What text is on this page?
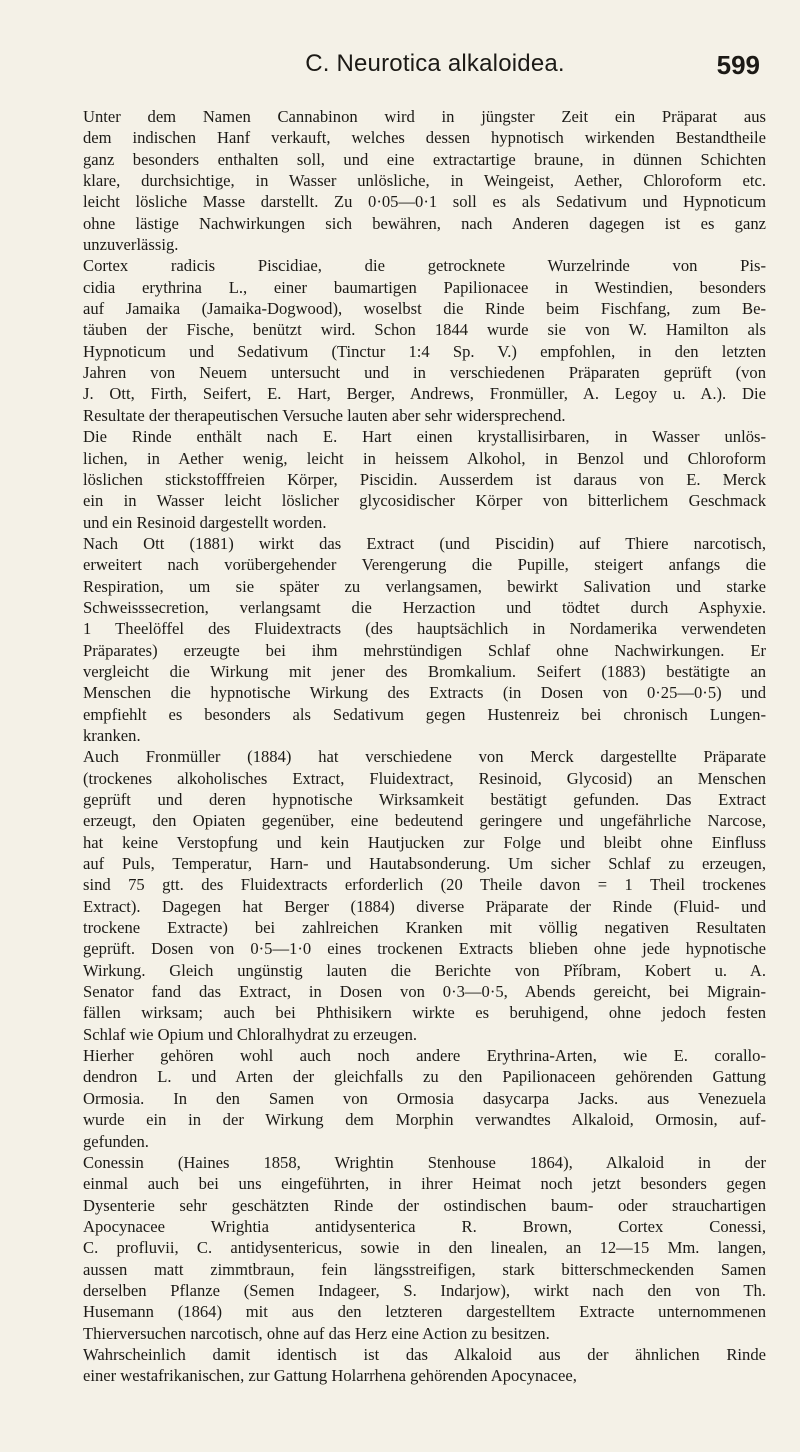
C. Neurotica alkaloidea.	599

Unter dem Namen Cannabinon wird in jüngster Zeit ein Präparat aus
dem indischen Hanf verkauft, welches dessen hypnotisch wirkenden Bestandtheile
ganz besonders enthalten soll, und eine extractartige braune, in dünnen Schichten
klare, durchsichtige, in Wasser unlösliche, in Weingeist, Aether, Chloroform etc.
leicht lösliche Masse darstellt. Zu 0·05—0·1 soll es als Sedativum und Hypnoticum
ohne lästige Nachwirkungen sich bewähren, nach Anderen dagegen ist es ganz
unzuverlässig.

Cortex radicis Piscidiae, die getrocknete Wurzelrinde von Pis-
cidia erythrina L., einer baumartigen Papilionacee in Westindien, besonders
auf Jamaika (Jamaika-Dogwood), woselbst die Rinde beim Fischfang, zum Be-
täuben der Fische, benützt wird. Schon 1844 wurde sie von W. Hamilton als
Hypnoticum und Sedativum (Tinctur 1:4 Sp. V.) empfohlen, in den letzten
Jahren von Neuem untersucht und in verschiedenen Präparaten geprüft (von
J. Ott, Firth, Seifert, E. Hart, Berger, Andrews, Fronmüller, A. Legoy u. A.). Die
Resultate der therapeutischen Versuche lauten aber sehr widersprechend.

Die Rinde enthält nach E. Hart einen krystallisirbaren, in Wasser unlös-
lichen, in Aether wenig, leicht in heissem Alkohol, in Benzol und Chloroform
löslichen stickstofffreien Körper, Piscidin. Ausserdem ist daraus von E. Merck
ein in Wasser leicht löslicher glycosidischer Körper von bitterlichem Geschmack
und ein Resinoid dargestellt worden.

Nach Ott (1881) wirkt das Extract (und Piscidin) auf Thiere narcotisch,
erweitert nach vorübergehender Verengerung die Pupille, steigert anfangs die
Respiration, um sie später zu verlangsamen, bewirkt Salivation und starke
Schweisssecretion, verlangsamt die Herzaction und tödtet durch Asphyxie.
1 Theelöffel des Fluidextracts (des hauptsächlich in Nordamerika verwendeten
Präparates) erzeugte bei ihm mehrstündigen Schlaf ohne Nachwirkungen. Er
vergleicht die Wirkung mit jener des Bromkalium. Seifert (1883) bestätigte an
Menschen die hypnotische Wirkung des Extracts (in Dosen von 0·25—0·5) und
empfiehlt es besonders als Sedativum gegen Hustenreiz bei chronisch Lungen-
kranken.

Auch Fronmüller (1884) hat verschiedene von Merck dargestellte Präparate
(trockenes alkoholisches Extract, Fluidextract, Resinoid, Glycosid) an Menschen
geprüft und deren hypnotische Wirksamkeit bestätigt gefunden. Das Extract
erzeugt, den Opiaten gegenüber, eine bedeutend geringere und ungefährliche Narcose,
hat keine Verstopfung und kein Hautjucken zur Folge und bleibt ohne Einfluss
auf Puls, Temperatur, Harn- und Hautabsonderung. Um sicher Schlaf zu erzeugen,
sind 75 gtt. des Fluidextracts erforderlich (20 Theile davon = 1 Theil trockenes
Extract). Dagegen hat Berger (1884) diverse Präparate der Rinde (Fluid- und
trockene Extracte) bei zahlreichen Kranken mit völlig negativen Resultaten
geprüft. Dosen von 0·5—1·0 eines trockenen Extracts blieben ohne jede hypnotische
Wirkung. Gleich ungünstig lauten die Berichte von Příbram, Kobert u. A.
Senator fand das Extract, in Dosen von 0·3—0·5, Abends gereicht, bei Migrain-
fällen wirksam; auch bei Phthisikern wirkte es beruhigend, ohne jedoch festen
Schlaf wie Opium und Chloralhydrat zu erzeugen.

Hierher gehören wohl auch noch andere Erythrina-Arten, wie E. corallo-
dendron L. und Arten der gleichfalls zu den Papilionaceen gehörenden Gattung
Ormosia. In den Samen von Ormosia dasycarpa Jacks. aus Venezuela
wurde ein in der Wirkung dem Morphin verwandtes Alkaloid, Ormosin, auf-
gefunden.

Conessin (Haines 1858, Wrightin Stenhouse 1864), Alkaloid in der
einmal auch bei uns eingeführten, in ihrer Heimat noch jetzt besonders gegen
Dysenterie sehr geschätzten Rinde der ostindischen baum- oder strauchartigen
Apocynacee Wrightia antidysenterica R. Brown, Cortex Conessi,
C. profluvii, C. antidysentericus, sowie in den linealen, an 12—15 Mm. langen,
aussen matt zimmtbraun, fein längsstreifigen, stark bitterschmeckenden Samen
derselben Pflanze (Semen Indageer, S. Indarjow), wirkt nach den von Th.
Husemann (1864) mit aus den letzteren dargestelltem Extracte unternommenen
Thierversuchen narcotisch, ohne auf das Herz eine Action zu besitzen.

Wahrscheinlich damit identisch ist das Alkaloid aus der ähnlichen Rinde
einer westafrikanischen, zur Gattung Holarrhena gehörenden Apocynacee,
